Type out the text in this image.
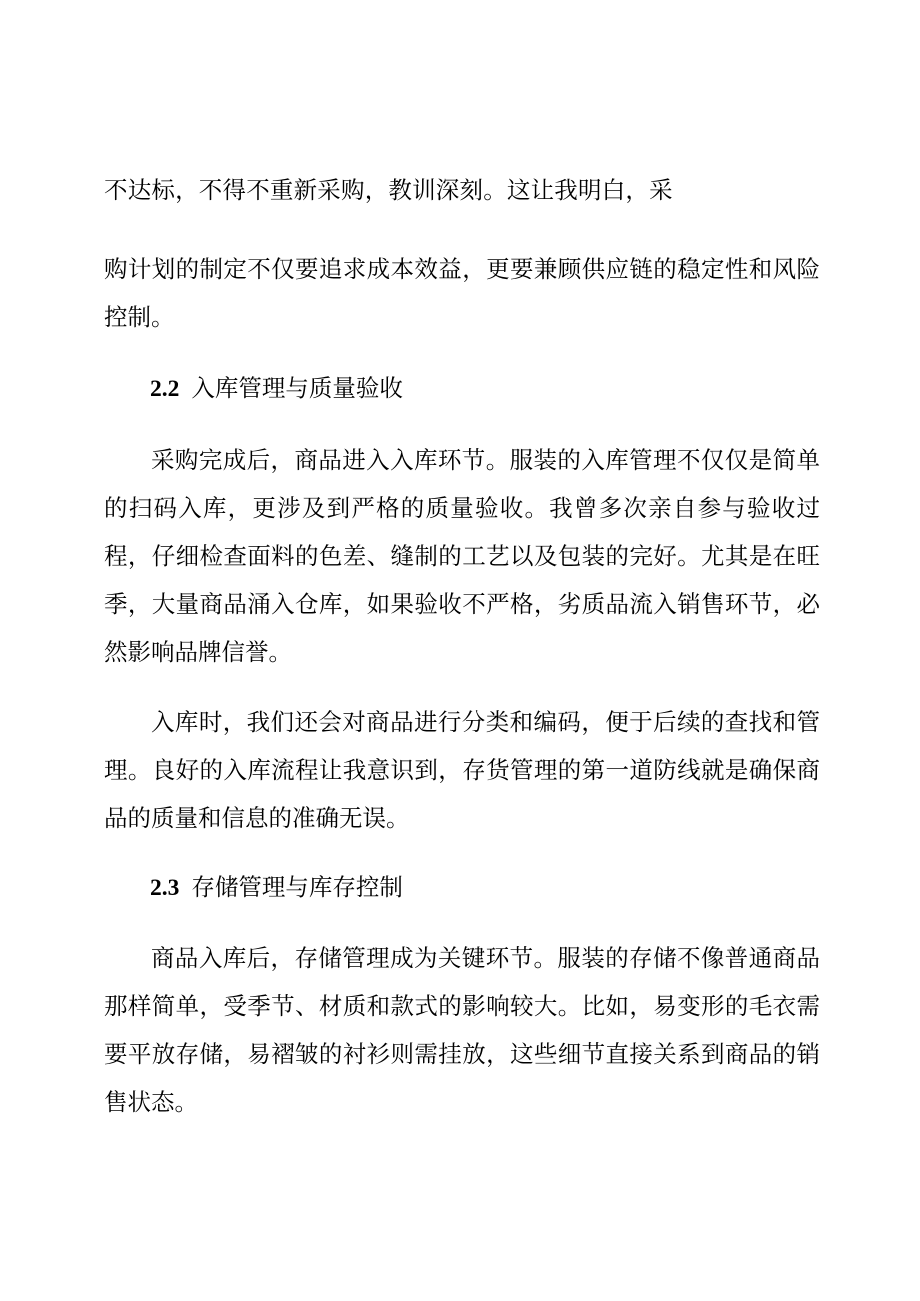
不达标，不得不重新采购，教训深刻。这让我明白，采

购计划的制定不仅要追求成本效益，更要兼顾供应链的稳定性和风险控制。

2.2 入库管理与质量验收

采购完成后，商品进入入库环节。服装的入库管理不仅仅是简单的扫码入库，更涉及到严格的质量验收。我曾多次亲自参与验收过程，仔细检查面料的色差、缝制的工艺以及包装的完好。尤其是在旺季，大量商品涌入仓库，如果验收不严格，劣质品流入销售环节，必然影响品牌信誉。

入库时，我们还会对商品进行分类和编码，便于后续的查找和管理。良好的入库流程让我意识到，存货管理的第一道防线就是确保商品的质量和信息的准确无误。

2.3 存储管理与库存控制

商品入库后，存储管理成为关键环节。服装的存储不像普通商品那样简单，受季节、材质和款式的影响较大。比如，易变形的毛衣需要平放存储，易褶皱的衬衫则需挂放，这些细节直接关系到商品的销售状态。
